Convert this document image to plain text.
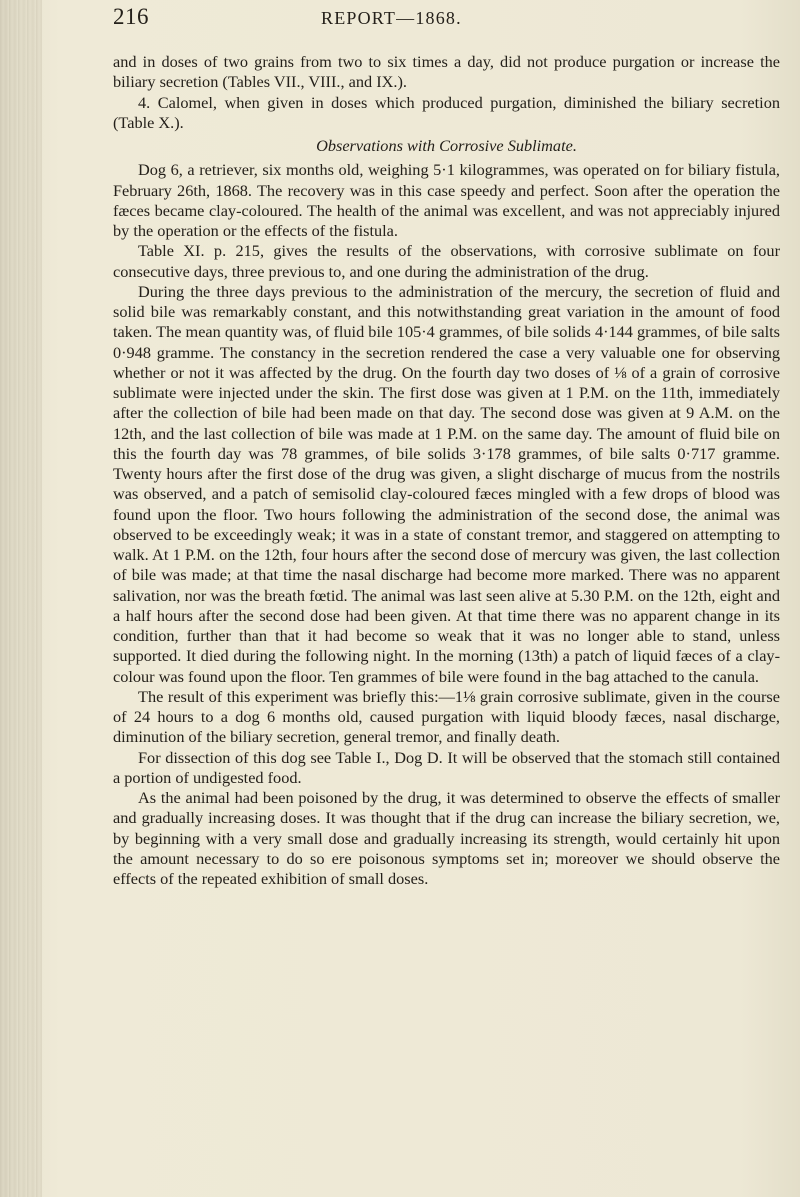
216	REPORT—1868.

and in doses of two grains from two to six times a day, did not produce purgation or increase the biliary secretion (Tables VII., VIII., and IX.).

4. Calomel, when given in doses which produced purgation, diminished the biliary secretion (Table X.).

Observations with Corrosive Sublimate.

Dog 6, a retriever, six months old, weighing 5·1 kilogrammes, was operated on for biliary fistula, February 26th, 1868. The recovery was in this case speedy and perfect. Soon after the operation the fæces became clay-coloured. The health of the animal was excellent, and was not appreciably injured by the operation or the effects of the fistula.

Table XI. p. 215, gives the results of the observations, with corrosive sublimate on four consecutive days, three previous to, and one during the administration of the drug.

During the three days previous to the administration of the mercury, the secretion of fluid and solid bile was remarkably constant, and this notwithstanding great variation in the amount of food taken. The mean quantity was, of fluid bile 105·4 grammes, of bile solids 4·144 grammes, of bile salts 0·948 gramme. The constancy in the secretion rendered the case a very valuable one for observing whether or not it was affected by the drug. On the fourth day two doses of ⅛ of a grain of corrosive sublimate were injected under the skin. The first dose was given at 1 P.M. on the 11th, immediately after the collection of bile had been made on that day. The second dose was given at 9 A.M. on the 12th, and the last collection of bile was made at 1 P.M. on the same day. The amount of fluid bile on this the fourth day was 78 grammes, of bile solids 3·178 grammes, of bile salts 0·717 gramme. Twenty hours after the first dose of the drug was given, a slight discharge of mucus from the nostrils was observed, and a patch of semisolid clay-coloured fæces mingled with a few drops of blood was found upon the floor. Two hours following the administration of the second dose, the animal was observed to be exceedingly weak; it was in a state of constant tremor, and staggered on attempting to walk. At 1 P.M. on the 12th, four hours after the second dose of mercury was given, the last collection of bile was made; at that time the nasal discharge had become more marked. There was no apparent salivation, nor was the breath fœtid. The animal was last seen alive at 5.30 P.M. on the 12th, eight and a half hours after the second dose had been given. At that time there was no apparent change in its condition, further than that it had become so weak that it was no longer able to stand, unless supported. It died during the following night. In the morning (13th) a patch of liquid fæces of a clay-colour was found upon the floor. Ten grammes of bile were found in the bag attached to the canula.

The result of this experiment was briefly this:—1⅛ grain corrosive sublimate, given in the course of 24 hours to a dog 6 months old, caused purgation with liquid bloody fæces, nasal discharge, diminution of the biliary secretion, general tremor, and finally death.

For dissection of this dog see Table I., Dog D. It will be observed that the stomach still contained a portion of undigested food.

As the animal had been poisoned by the drug, it was determined to observe the effects of smaller and gradually increasing doses. It was thought that if the drug can increase the biliary secretion, we, by beginning with a very small dose and gradually increasing its strength, would certainly hit upon the amount necessary to do so ere poisonous symptoms set in; moreover we should observe the effects of the repeated exhibition of small doses.
